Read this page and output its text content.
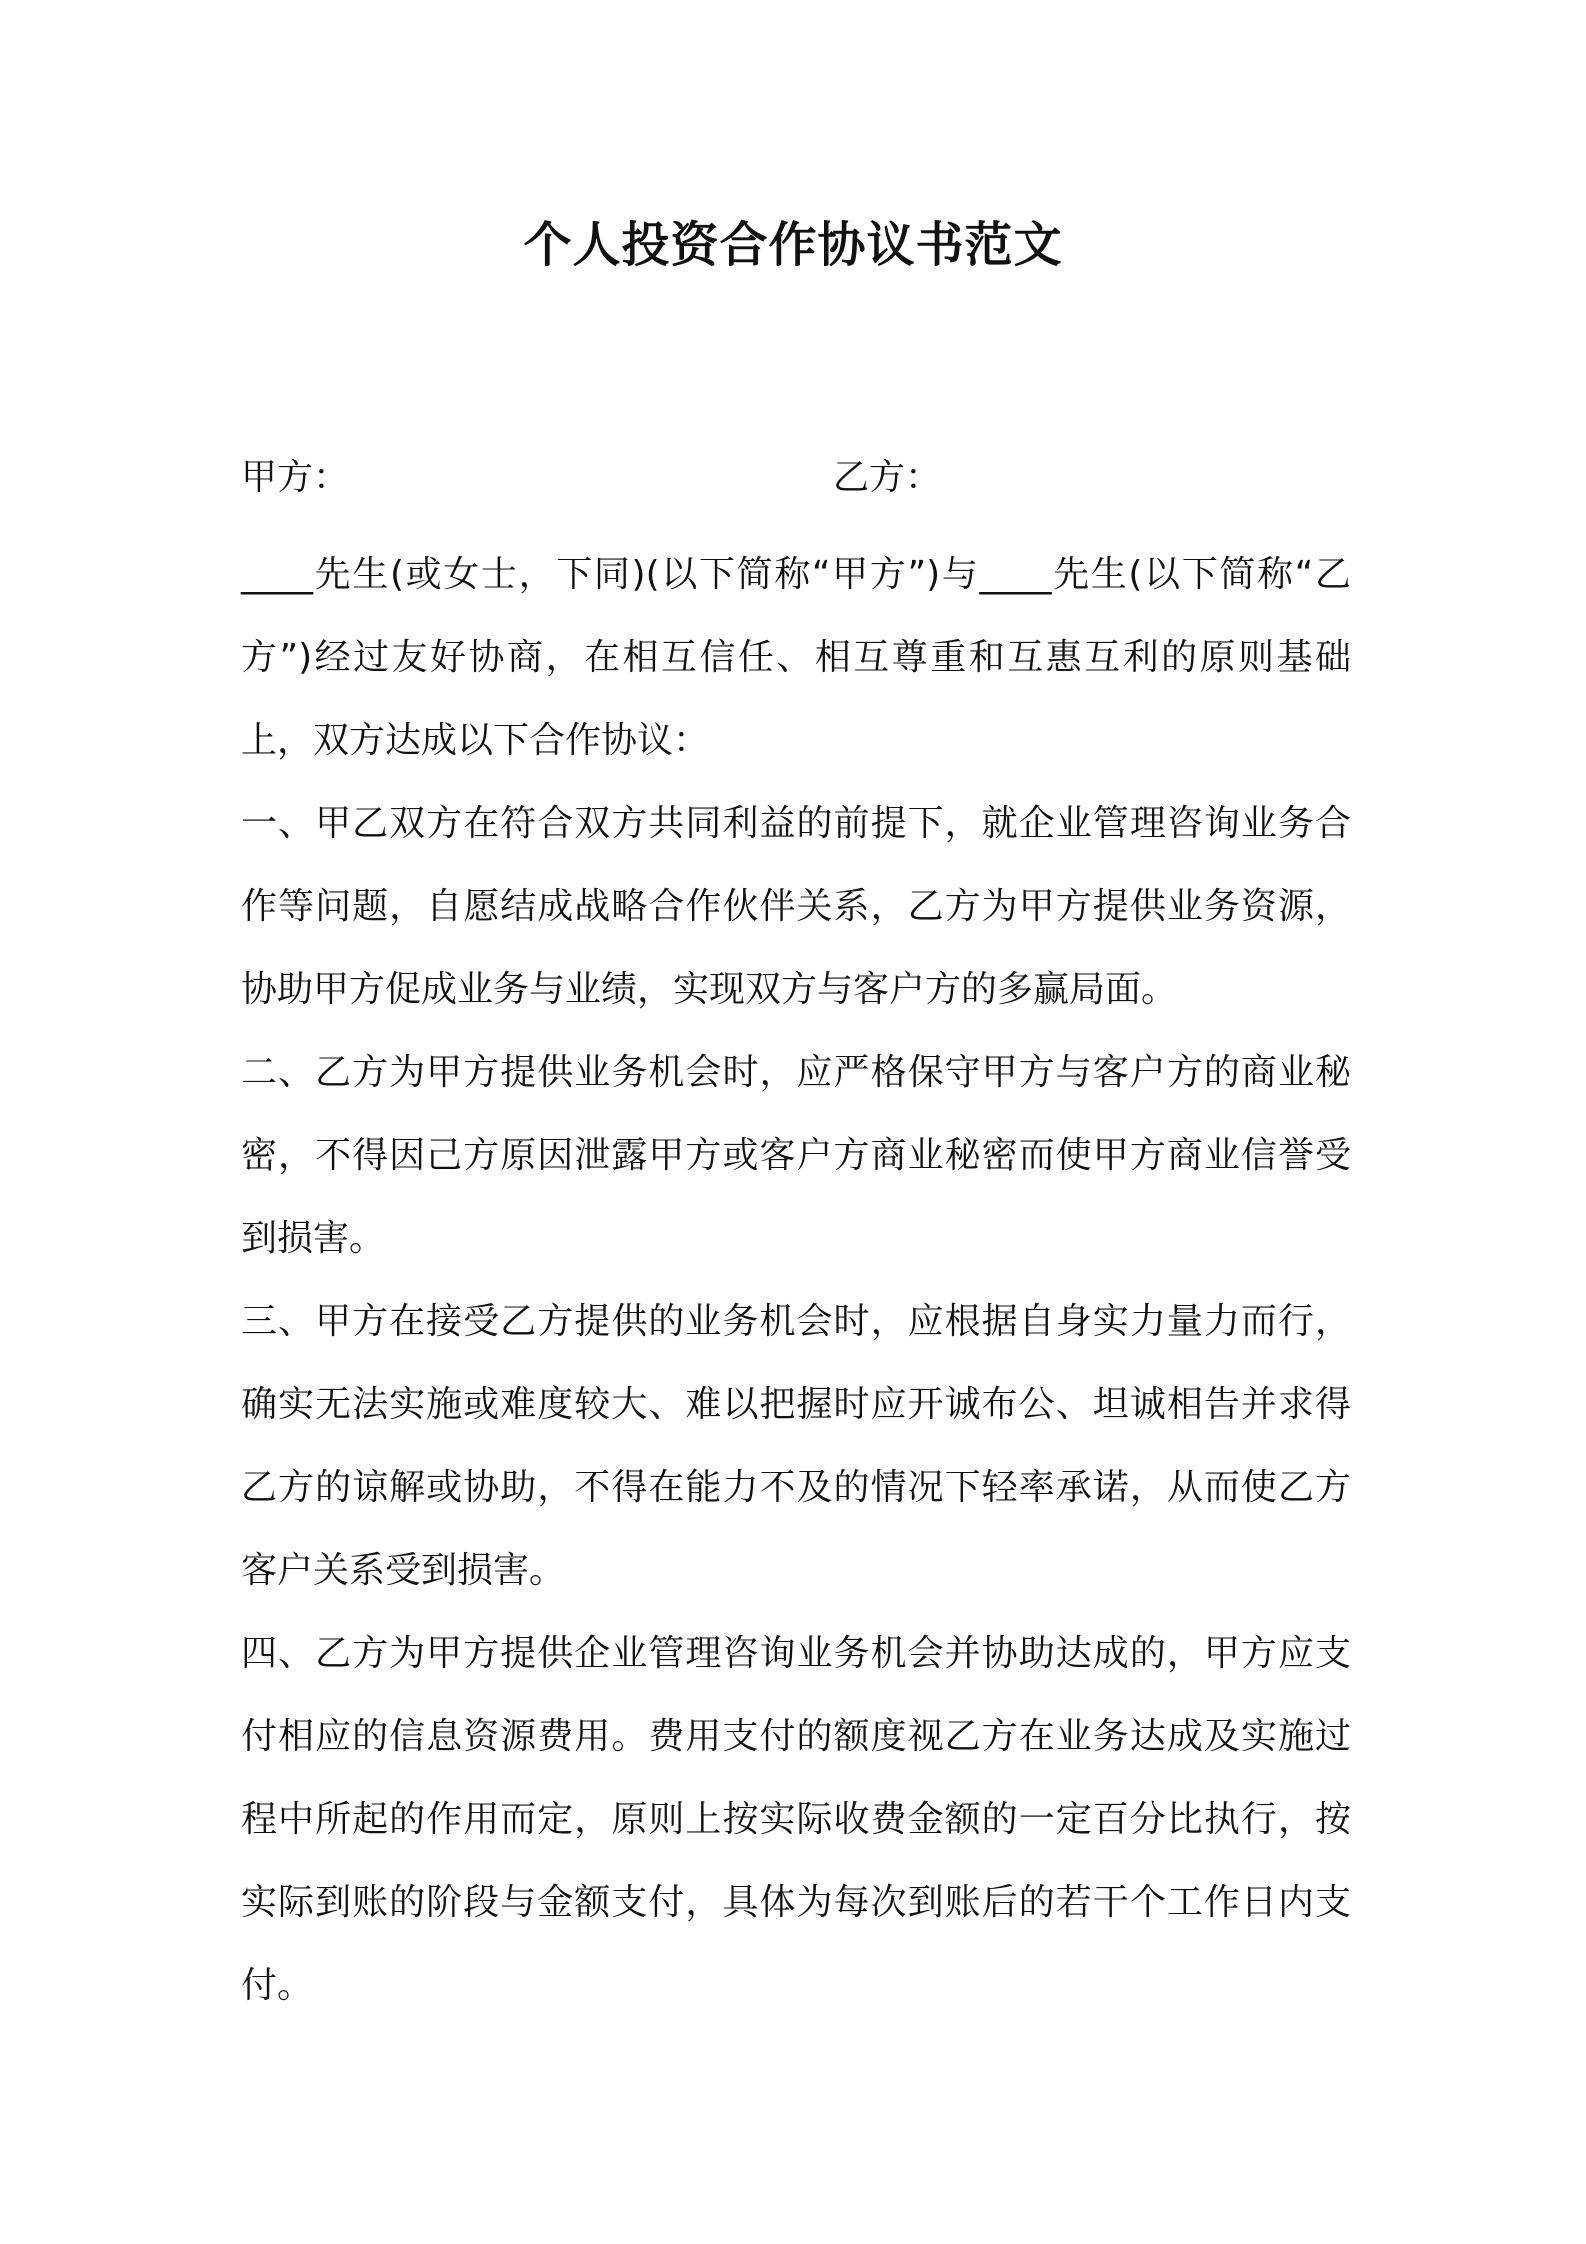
个人投资合作协议书范文
甲方：	乙方：

____先生(或女士，下同)(以下简称“甲方”)与____先生(以下简称“乙方”)经过友好协商，在相互信任、相互尊重和互惠互利的原则基础上，双方达成以下合作协议：

一、甲乙双方在符合双方共同利益的前提下，就企业管理咨询业务合作等问题，自愿结成战略合作伙伴关系，乙方为甲方提供业务资源，协助甲方促成业务与业绩，实现双方与客户方的多赢局面。

二、乙方为甲方提供业务机会时，应严格保守甲方与客户方的商业秘密，不得因己方原因泄露甲方或客户方商业秘密而使甲方商业信誉受到损害。

三、甲方在接受乙方提供的业务机会时，应根据自身实力量力而行，确实无法实施或难度较大、难以把握时应开诚布公、坦诚相告并求得乙方的谅解或协助，不得在能力不及的情况下轻率承诺，从而使乙方客户关系受到损害。

四、乙方为甲方提供企业管理咨询业务机会并协助达成的，甲方应支付相应的信息资源费用。费用支付的额度视乙方在业务达成及实施过程中所起的作用而定，原则上按实际收费金额的一定百分比执行，按实际到账的阶段与金额支付，具体为每次到账后的若干个工作日内支付。
